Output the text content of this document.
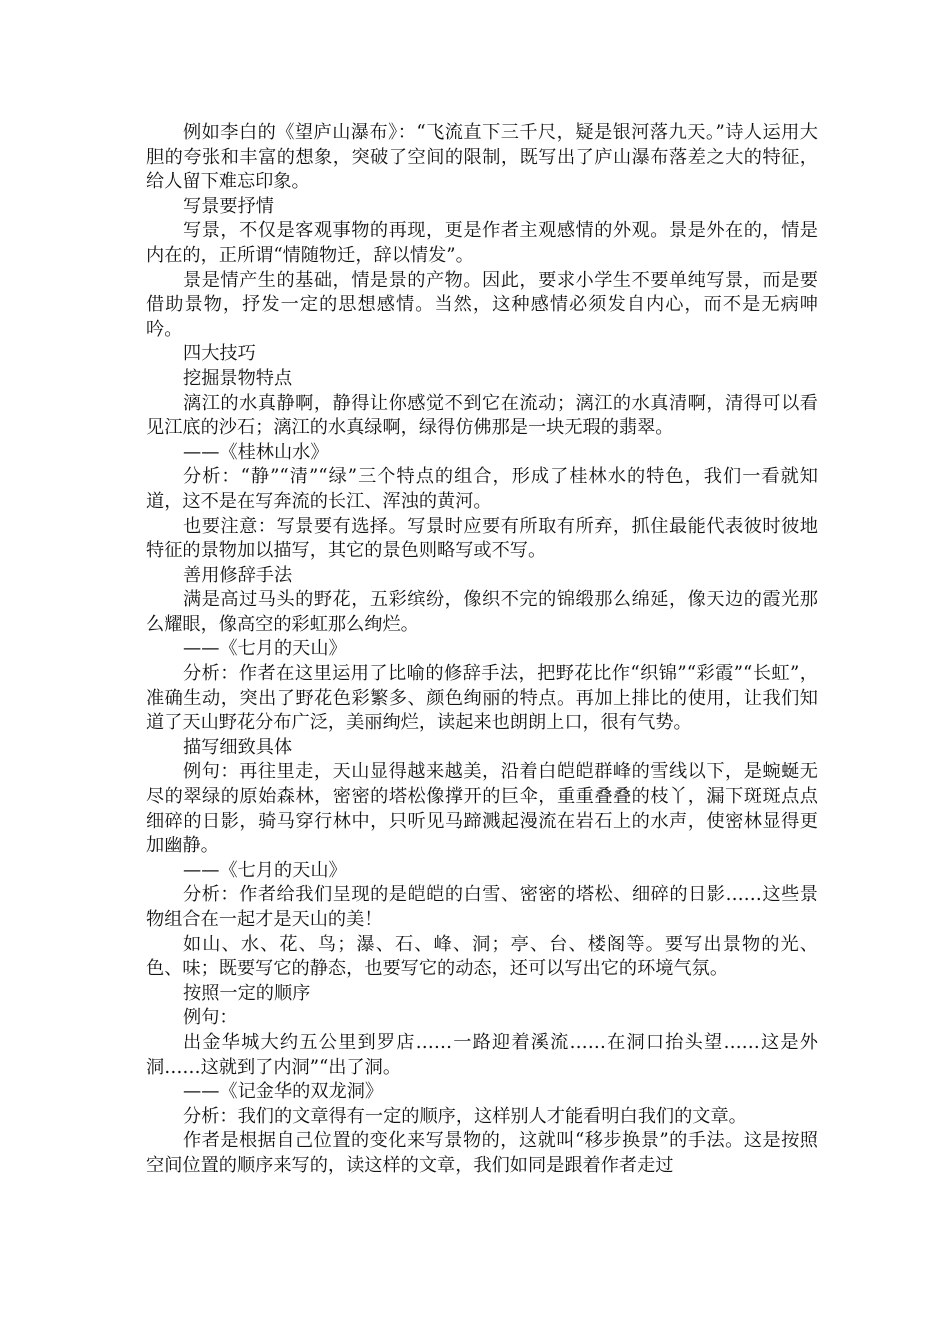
例如李白的《望庐山瀑布》：“飞流直下三千尺，疑是银河落九天。”诗人运用大胆的夸张和丰富的想象，突破了空间的限制，既写出了庐山瀑布落差之大的特征，给人留下难忘印象。

写景要抒情

写景，不仅是客观事物的再现，更是作者主观感情的外观。景是外在的，情是内在的，正所谓“情随物迁，辞以情发”。

景是情产生的基础，情是景的产物。因此，要求小学生不要单纯写景，而是要借助景物，抒发一定的思想感情。当然，这种感情必须发自内心，而不是无病呻吟。

四大技巧

挖掘景物特点

漓江的水真静啊，静得让你感觉不到它在流动；漓江的水真清啊，清得可以看见江底的沙石；漓江的水真绿啊，绿得仿佛那是一块无瑕的翡翠。

——《桂林山水》

分析：“静”“清”“绿”三个特点的组合，形成了桂林水的特色，我们一看就知道，这不是在写奔流的长江、浑浊的黄河。

也要注意：写景要有选择。写景时应要有所取有所弃，抓住最能代表彼时彼地特征的景物加以描写，其它的景色则略写或不写。

善用修辞手法

满是高过马头的野花，五彩缤纷，像织不完的锦缎那么绵延，像天边的霞光那么耀眼，像高空的彩虹那么绚烂。

——《七月的天山》

分析：作者在这里运用了比喻的修辞手法，把野花比作“织锦”“彩霞”“长虹”，准确生动，突出了野花色彩繁多、颜色绚丽的特点。再加上排比的使用，让我们知道了天山野花分布广泛，美丽绚烂，读起来也朗朗上口，很有气势。

描写细致具体

例句：再往里走，天山显得越来越美，沿着白皑皑群峰的雪线以下，是蜿蜒无尽的翠绿的原始森林，密密的塔松像撑开的巨伞，重重叠叠的枝丫，漏下斑斑点点细碎的日影，骑马穿行林中，只听见马蹄溅起漫流在岩石上的水声，使密林显得更加幽静。

——《七月的天山》

分析：作者给我们呈现的是皑皑的白雪、密密的塔松、细碎的日影……这些景物组合在一起才是天山的美！

如山、水、花、鸟；瀑、石、峰、洞；亭、台、楼阁等。要写出景物的光、色、味；既要写它的静态，也要写它的动态，还可以写出它的环境气氛。

按照一定的顺序

例句：

出金华城大约五公里到罗店……一路迎着溪流……在洞口抬头望……这是外洞……这就到了内洞”“出了洞。

——《记金华的双龙洞》

分析：我们的文章得有一定的顺序，这样别人才能看明白我们的文章。

作者是根据自己位置的变化来写景物的，这就叫“移步换景”的手法。这是按照空间位置的顺序来写的，读这样的文章，我们如同是跟着作者走过
